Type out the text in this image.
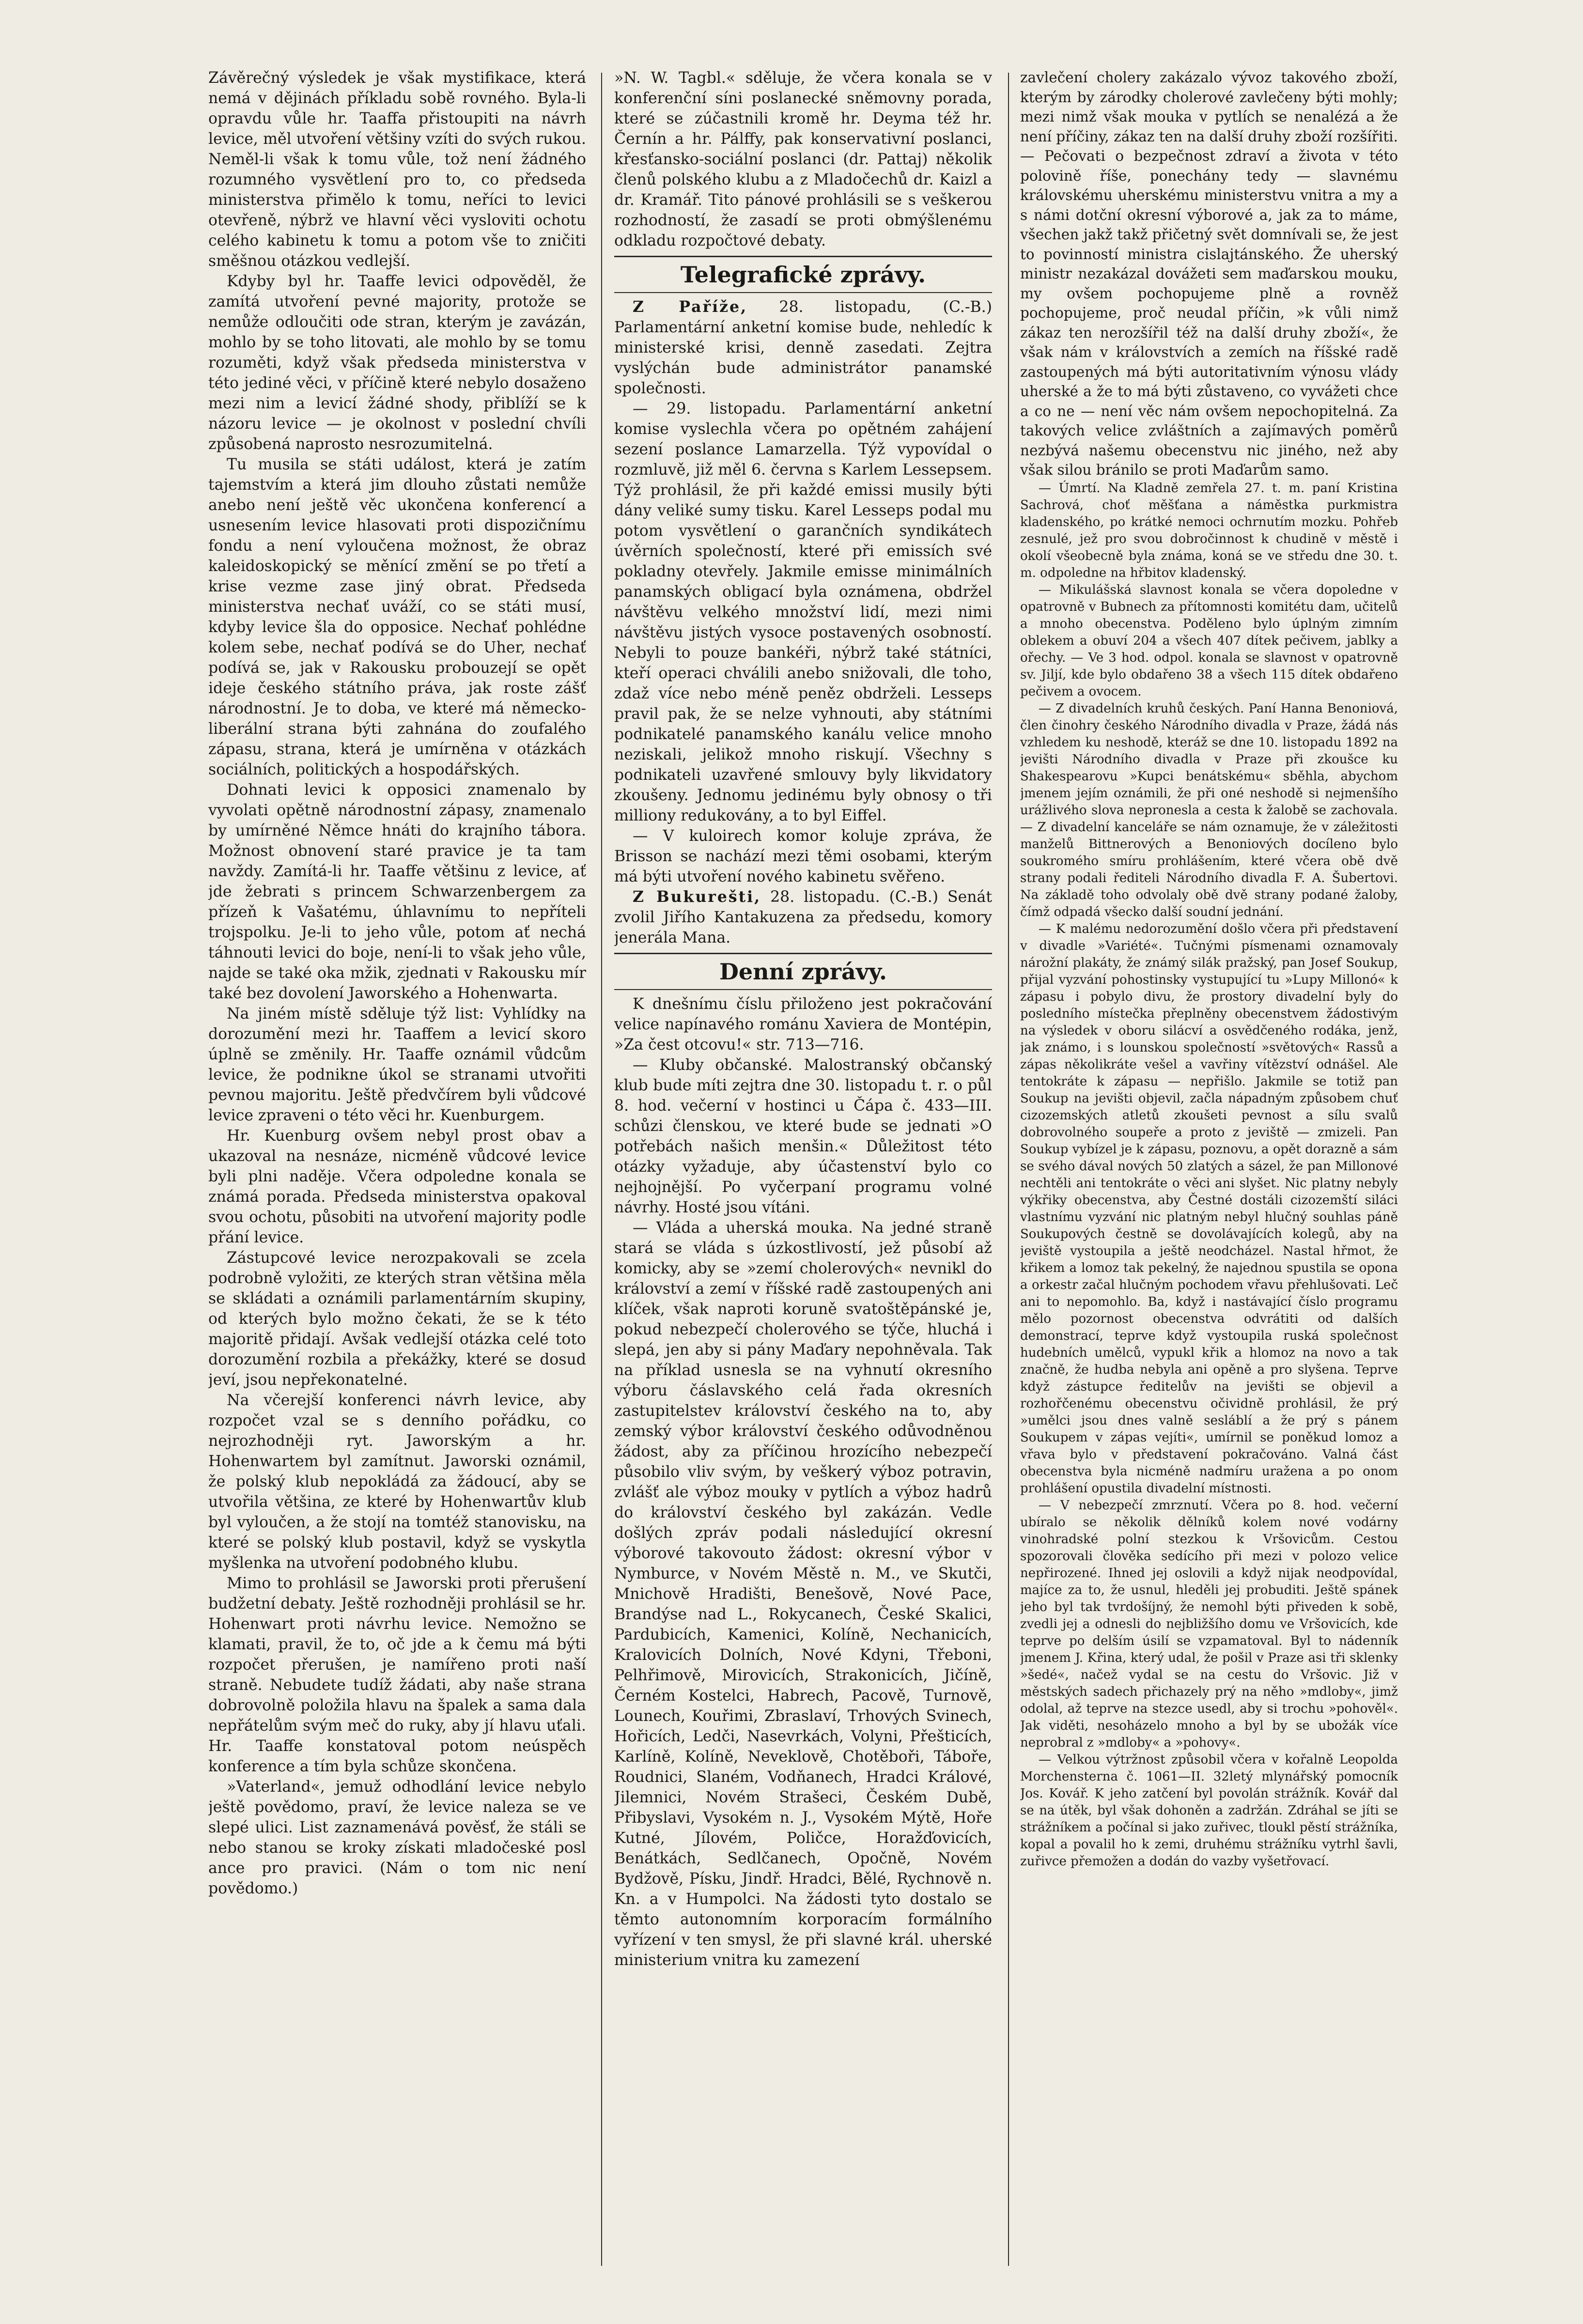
Závěrečný výsledek je však mystifikace, která nemá v dějinách příkladu sobě rovného. Byla-li opravdu vůle hr. Taaffa přistoupiti na návrh levice, měl utvoření většiny vzíti do svých rukou. Neměl-li však k tomu vůle, tož není žádného rozumného vysvětlení pro to, co předseda ministerstva přimělo k tomu, neříci to levici otevřeně, nýbrž ve hlavní věci vysloviti ochotu celého kabinetu k tomu a potom vše to zničiti směšnou otázkou vedlejší.

Kdyby byl hr. Taaffe levici odpověděl, že zamítá utvoření pevné majority, protože se nemůže odloučiti ode stran, kterým je zavázán, mohlo by se toho litovati, ale mohlo by se tomu rozuměti, když však předseda ministerstva v této jediné věci, v příčině které nebylo dosaženo mezi nim a levicí žádné shody, přiblíží se k názoru levice — je okolnost v poslední chvíli způsobená naprosto nesrozumitelná.

Tu musila se státi událost, která je zatím tajemstvím a která jim dlouho zůstati nemůže anebo není ještě věc ukončena konferencí a usnesením levice hlasovati proti dispozičnímu fondu a není vyloučena možnost, že obraz kaleidoskopický se měnící změní se po třetí a krise vezme zase jiný obrat. Předseda ministerstva nechať uváží, co se státi musí, kdyby levice šla do opposice. Nechať pohlédne kolem sebe, nechať podívá se do Uher, nechať podívá se, jak v Rakousku probouzejí se opět ideje českého státního práva, jak roste zášť národnostní. Je to doba, ve které má německo-liberální strana býti zahnána do zoufalého zápasu, strana, která je umírněna v otázkách sociálních, politických a hospodářských.

Dohnati levici k opposici znamenalo by vyvolati opětně národnostní zápasy, znamenalo by umírněné Němce hnáti do krajního tábora. Možnost obnovení staré pravice je ta tam navždy. Zamítá-li hr. Taaffe většinu z levice, ať jde žebrati s princem Schwarzenbergem za přízeň k Vašatému, úhlavnímu to nepříteli trojspolku. Je-li to jeho vůle, potom ať nechá táhnouti levici do boje, není-li to však jeho vůle, najde se také oka mžik, zjednati v Rakousku mír také bez dovolení Jaworského a Hohenwarta.

Na jiném místě sděluje týž list: Vyhlídky na dorozumění mezi hr. Taaffem a levicí skoro úplně se změnily. Hr. Taaffe oznámil vůdcům levice, že podnikne úkol se stranami utvořiti pevnou majoritu. Ještě předvčírem byli vůdcové levice zpraveni o této věci hr. Kuenburgem.

Hr. Kuenburg ovšem nebyl prost obav a ukazoval na nesnáze, nicméně vůdcové levice byli plni naděje. Včera odpoledne konala se známá porada. Předseda ministerstva opakoval svou ochotu, působiti na utvoření majority podle přání levice.

Zástupcové levice nerozpakovali se zcela podrobně vyložiti, ze kterých stran většina měla se skládati a oznámili parlamentárním skupiny, od kterých bylo možno čekati, že se k této majoritě přidají. Avšak vedlejší otázka celé toto dorozumění rozbila a překážky, které se dosud jeví, jsou nepřekonatelné.

Na včerejší konferenci návrh levice, aby rozpočet vzal se s denního pořádku, co nejrozhodněji ryt. Jaworským a hr. Hohenwartem byl zamítnut. Jaworski oznámil, že polský klub nepokládá za žádoucí, aby se utvořila většina, ze které by Hohenwartův klub byl vyloučen, a že stojí na tomtéž stanovisku, na které se polský klub postavil, když se vyskytla myšlenka na utvoření podobného klubu.

Mimo to prohlásil se Jaworski proti přerušení budžetní debaty. Ještě rozhodněji prohlásil se hr. Hohenwart proti návrhu levice. Nemožno se klamati, pravil, že to, oč jde a k čemu má býti rozpočet přerušen, je namířeno proti naší straně. Nebudete tudíž žádati, aby naše strana dobrovolně položila hlavu na špalek a sama dala nepřátelům svým meč do ruky, aby jí hlavu uťali. Hr. Taaffe konstatoval potom neúspěch konference a tím byla schůze skončena.

»Vaterland«, jemuž odhodlání levice nebylo ještě povědomo, praví, že levice naleza se ve slepé ulici. List zaznamenává pověsť, že stáli se nebo stanou se kroky získati mladočeské posl ance pro pravici. (Nám o tom nic není povědomo.)

»N. W. Tagbl.« sděluje, že včera konala se v konferenční síni poslanecké sněmovny porada, které se zúčastnili kromě hr. Deyma též hr. Černín a hr. Pálffy, pak konservativní poslanci, křesťansko-sociální poslanci (dr. Pattaj) několik členů polského klubu a z Mladočechů dr. Kaizl a dr. Kramář. Tito pánové prohlásili se s veškerou rozhodností, že zasadí se proti obmýšlenému odkladu rozpočtové debaty.

Telegrafické zprávy.

Z Paříže, 28. listopadu, (C.-B.) Parlamentární anketní komise bude, nehledíc k ministerské krisi, denně zasedati. Zejtra vyslýchán bude administrátor panamské společnosti.

— 29. listopadu. Parlamentární anketní komise vyslechla včera po opětném zahájení sezení poslance Lamarzella. Týž vypovídal o rozmluvě, již měl 6. června s Karlem Lessepsem. Týž prohlásil, že při každé emissi musily býti dány veliké sumy tisku. Karel Lesseps podal mu potom vysvětlení o garančních syndikátech úvěrních společností, které při emissích své pokladny otevřely. Jakmile emisse minimálních panamských obligací byla oznámena, obdržel návštěvu velkého množství lidí, mezi nimi návštěvu jistých vysoce postavených osobností. Nebyli to pouze bankéři, nýbrž také státníci, kteří operaci chválili anebo snižovali, dle toho, zdaž více nebo méně peněz obdrželi. Lesseps pravil pak, že se nelze vyhnouti, aby státními podnikatelé panamského kanálu velice mnoho neziskali, jelikož mnoho riskují. Všechny s podnikateli uzavřené smlouvy byly likvidatory zkoušeny. Jednomu jedinému byly obnosy o tři milliony redukovány, a to byl Eiffel.

— V kuloirech komor koluje zpráva, že Brisson se nachází mezi těmi osobami, kterým má býti utvoření nového kabinetu svěřeno.

Z Bukurešti, 28. listopadu. (C.-B.) Senát zvolil Jiřího Kantakuzena za předsedu, komory jenerála Mana.

Denní zprávy.

K dnešnímu číslu přiloženo jest pokračování velice napínavého románu Xaviera de Montépin, »Za čest otcovu!« str. 713—716.

— Kluby občanské. Malostranský občanský klub bude míti zejtra dne 30. listopadu t. r. o půl 8. hod. večerní v hostinci u Čápa č. 433—III. schůzi členskou, ve které bude se jednati »O potřebách našich menšin.« Důležitost této otázky vyžaduje, aby účastenství bylo co nejhojnější. Po vyčerpaní programu volné návrhy. Hosté jsou vítáni.

— Vláda a uherská mouka. Na jedné straně stará se vláda s úzkostlivostí, jež působí až komicky, aby se »zemí cholerových« nevnikl do království a zemí v říšské radě zastoupených ani klíček, však naproti koruně svatoštěpánské je, pokud nebezpečí cholerového se týče, hluchá i slepá, jen aby si pány Maďary nepohněvala. Tak na příklad usnesla se na vyhnutí okresního výboru čáslavského celá řada okresních zastupitelstev království českého na to, aby zemský výbor království českého odůvodněnou žádost, aby za příčinou hrozícího nebezpečí působilo vliv svým, by veškerý výboz potravin, zvlášť ale výboz mouky v pytlích a výboz hadrů do království českého byl zakázán. Vedle došlých zpráv podali následující okresní výborové takovouto žádost: okresní výbor v Nymburce, v Novém Městě n. M., ve Skutči, Mnichově Hradišti, Benešově, Nové Pace, Brandýse nad L., Rokycanech, České Skalici, Pardubicích, Kamenici, Kolíně, Nechanicích, Kralovicích Dolních, Nové Kdyni, Třeboni, Pelhřimově, Mirovicích, Strakonicích, Jičíně, Černém Kostelci, Habrech, Pacově, Turnově, Lounech, Kouřimi, Zbraslaví, Trhových Svinech, Hořicích, Ledči, Nasevrkách, Volyni, Přešticích, Karlíně, Kolíně, Neveklově, Chotěboři, Táboře, Roudnici, Slaném, Vodňanech, Hradci Králové, Jilemnici, Novém Strašeci, Českém Dubě, Přibyslavi, Vysokém n. J., Vysokém Mýtě, Hoře Kutné, Jílovém, Poličce, Horažďovicích, Benátkách, Sedlčanech, Opočně, Novém Bydžově, Písku, Jindř. Hradci, Bělé, Rychnově n. Kn. a v Humpolci. Na žádosti tyto dostalo se těmto autonomním korporacím formálního vyřízení v ten smysl, že při slavné král. uherské ministerium vnitra ku zamezení

zavlečení cholery zakázalo vývoz takového zboží, kterým by zárodky cholerové zavlečeny býti mohly; mezi nimž však mouka v pytlích se nenalézá a že není příčiny, zákaz ten na další druhy zboží rozšířiti. — Pečovati o bezpečnost zdraví a života v této polovině říše, ponechány tedy — slavnému královskému uherskému ministerstvu vnitra a my a s námi dotční okresní výborové a, jak za to máme, všechen jakž takž přičetný svět domnívali se, že jest to povinností ministra cislajtánského. Že uherský ministr nezakázal dovážeti sem maďarskou mouku, my ovšem pochopujeme plně a rovněž pochopujeme, proč neudal příčin, »k vůli nimž zákaz ten nerozšířil též na další druhy zboží«, že však nám v královstvích a zemích na říšské radě zastoupených má býti autoritativním výnosu vlády uherské a že to má býti zůstaveno, co vyvážeti chce a co ne — není věc nám ovšem nepochopitelná. Za takových velice zvláštních a zajímavých poměrů nezbývá našemu obecenstvu nic jiného, než aby však silou bránilo se proti Maďarům samo.

— Úmrtí. Na Kladně zemřela 27. t. m. paní Kristina Sachrová, choť měšťana a náměstka purkmistra kladenského, po krátké nemoci ochrnutím mozku. Pohřeb zesnulé, jež pro svou dobročinnost k chudině v městě i okolí všeobecně byla známa, koná se ve středu dne 30. t. m. odpoledne na hřbitov kladenský.

— Mikulášská slavnost konala se včera dopoledne v opatrovně v Bubnech za přítomnosti komitétu dam, učitelů a mnoho obecenstva. Poděleno bylo úplným zimním oblekem a obuví 204 a všech 407 dítek pečivem, jablky a ořechy. — Ve 3 hod. odpol. konala se slavnost v opatrovně sv. Jiljí, kde bylo obdařeno 38 a všech 115 dítek obdařeno pečivem a ovocem.

— Z divadelních kruhů českých. Paní Hanna Benoniová, člen činohry českého Národního divadla v Praze, žádá nás vzhledem ku neshodě, kteráž se dne 10. listopadu 1892 na jevišti Národního divadla v Praze při zkoušce ku Shakespearovu »Kupci benátskému« sběhla, abychom jmenem jejím oznámili, že při oné neshodě si nejmenšího urážlivého slova neproneslа a cesta k žalobě se zachovala. — Z divadelní kanceláře se nám oznamuje, že v záležitosti manželů Bittnerových a Benoniových docíleno bylo soukromého smíru prohlášením, které včera obě dvě strany podali řediteli Národního divadla F. A. Šubertovi. Na základě toho odvolaly obě dvě strany podané žaloby, čímž odpadá všecko další soudní jednání.

— K malému nedorozumění došlo včera při představení v divadle »Variété«. Tučnými písmenami oznamovaly nárožní plakáty, že známý silák pražský, pan Josef Soukup, přijal vyzvání pohostinsky vystupující tu »Lupy Millonó« k zápasu i pobylo divu, že prostory divadelní byly do posledního místečka přeplněny obecenstvem žádostivým na výsledek v oboru silácví a osvědčeného rodáka, jenž, jak známo, i s lounskou společností »světových« Rassů a zápas několikráte vešel a vavřiny vítězství odnášel. Ale tentokráte k zápasu — nepřišlo. Jakmile se totiž pan Soukup na jevišti objevil, začla nápadným způsobem chuť cizozemských atletů zkoušeti pevnost a sílu svalů dobrovolného soupeře a proto z jeviště — zmizeli. Pan Soukup vybízel je k zápasu, poznovu, a opět dorazně a sám se svého dával nových 50 zlatých a sázel, že pan Millonové nechtěli ani tentokráte o věci ani slyšet. Nic platny nebyly výkřiky obecenstva, aby Čestné dostáli cizozemští siláci vlastnímu vyzvání nic platným nebyl hlučný souhlas páně Soukupových čestně se dovolávajících kolegů, aby na jeviště vystoupila a ještě neodcházel. Nastal hřmot, že křikem a lomoz tak pekelný, že najednou spustila se opona a orkestr začal hlučným pochodem vřavu přehlušovati. Leč ani to nepomohlo. Ba, když i nastávající číslo programu mělo pozornost obecenstva odvrátiti od dalších demonstrací, teprve když vystoupila ruská společnost hudebních umělců, vypukl křik a hlomoz na novo a tak značně, že hudba nebyla ani opěně a pro slyšena. Teprve když zástupce ředitelův na jevišti se objevil a rozhořčenému obecenstvu očividně prohlásil, že prý »umělci jsou dnes valně sesláblí a že prý s pánem Soukupem v zápas vejíti«, umírnil se poněkud lomoz a vřava bylo v představení pokračováno. Valná část obecenstva byla nicméně nadmíru uražena a po onom prohlášení opustila divadelní místnosti.

— V nebezpečí zmrznutí. Včera po 8. hod. večerní ubíralo se několik dělníků kolem nové vodárny vinohradské polní stezkou k Vršovicům. Cestou spozorovali člověka sedícího při mezi v polozo velice nepřirozené. Ihned jej oslovili a když nijak neodpovídal, majíce za to, že usnul, hledělі jej probuditi. Ještě spánek jeho byl tak tvrdošíjný, že nemohl býti přiveden k sobě, zvedli jej a odnesli do nejbližšího domu ve Vršovicích, kde teprve po delším úsilí se vzpamatoval. Byl to nádenník jmenem J. Křina, který udal, že pošil v Praze asi tři sklenky »šedé«, načež vydal se na cestu do Vršovic. Již v městských sadech přichazely prý na něho »mdloby«, jimž odolal, až teprve na stezce usedl, aby si trochu »pohověl«. Jak viděti, nesoházelo mnoho a byl by se ubožák více neprobral z »mdloby« a »pohovy«.

— Velkou výtržnost způsobil včera v kořalně Leopolda Morchensterna č. 1061—II. 32letý mlynářský pomocník Jos. Kovář. K jeho zatčení byl povolán strážník. Kovář dal se na útěk, byl však dohoněn a zadržán. Zdráhal se jíti se strážníkem a počínal si jako zuřivec, tloukl pěstí strážníka, kopal a povalil ho k zemi, druhému strážníku vytrhl šavli, zuřivce přemožen a dodán do vazby vyšetřovací.
